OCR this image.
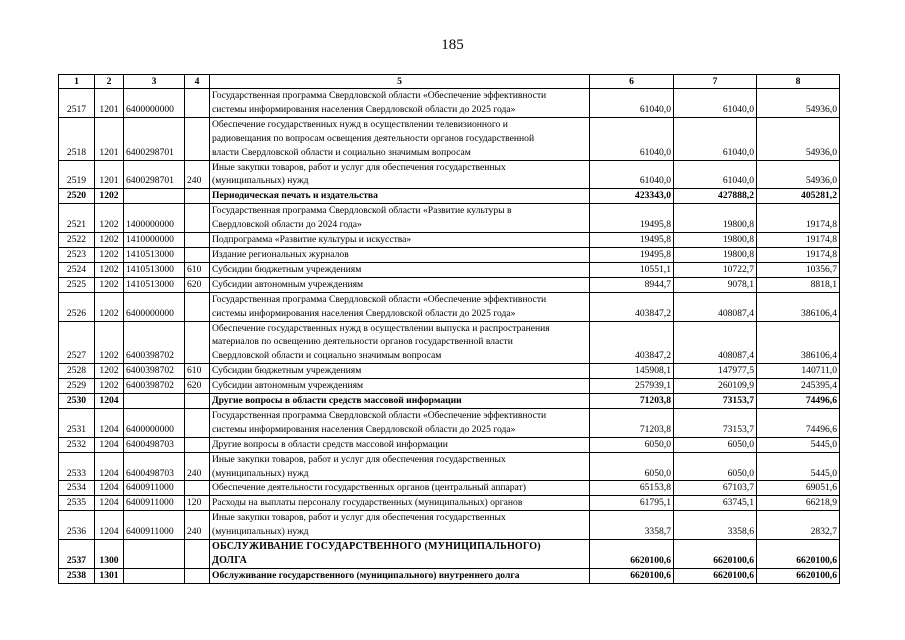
185
1	2	3	4	5	6	7	8
2517	1201	6400000000		Государственная программа Свердловской области «Обеспечение эффективности
системы информирования населения Свердловской области до 2025 года»	61040,0	61040,0	54936,0
2518	1201	6400298701		Обеспечение государственных нужд в осуществлении телевизионного и
радиовещания по вопросам освещения деятельности органов государственной
власти Свердловской области и социально значимым вопросам	61040,0	61040,0	54936,0
2519	1201	6400298701	240	Иные закупки товаров, работ и услуг для обеспечения государственных
(муниципальных) нужд	61040,0	61040,0	54936,0
2520	1202			Периодическая печать и издательства	423343,0	427888,2	405281,2
2521	1202	1400000000		Государственная программа Свердловской области «Развитие культуры в
Свердловской области до 2024 года»	19495,8	19800,8	19174,8
2522	1202	1410000000		Подпрограмма «Развитие культуры и искусства»	19495,8	19800,8	19174,8
2523	1202	1410513000		Издание региональных журналов	19495,8	19800,8	19174,8
2524	1202	1410513000	610	Субсидии бюджетным учреждениям	10551,1	10722,7	10356,7
2525	1202	1410513000	620	Субсидии автономным учреждениям	8944,7	9078,1	8818,1
2526	1202	6400000000		Государственная программа Свердловской области «Обеспечение эффективности
системы информирования населения Свердловской области до 2025 года»	403847,2	408087,4	386106,4
2527	1202	6400398702		Обеспечение государственных нужд в осуществлении выпуска и распространения
материалов по освещению деятельности органов государственной власти
Свердловской области и социально значимым вопросам	403847,2	408087,4	386106,4
2528	1202	6400398702	610	Субсидии бюджетным учреждениям	145908,1	147977,5	140711,0
2529	1202	6400398702	620	Субсидии автономным учреждениям	257939,1	260109,9	245395,4
2530	1204			Другие вопросы в области средств массовой информации	71203,8	73153,7	74496,6
2531	1204	6400000000		Государственная программа Свердловской области «Обеспечение эффективности
системы информирования населения Свердловской области до 2025 года»	71203,8	73153,7	74496,6
2532	1204	6400498703		Другие вопросы в области средств массовой информации	6050,0	6050,0	5445,0
2533	1204	6400498703	240	Иные закупки товаров, работ и услуг для обеспечения государственных
(муниципальных) нужд	6050,0	6050,0	5445,0
2534	1204	6400911000		Обеспечение деятельности государственных органов (центральный аппарат)	65153,8	67103,7	69051,6
2535	1204	6400911000	120	Расходы на выплаты персоналу государственных (муниципальных) органов	61795,1	63745,1	66218,9
2536	1204	6400911000	240	Иные закупки товаров, работ и услуг для обеспечения государственных
(муниципальных) нужд	3358,7	3358,6	2832,7
2537	1300			ОБСЛУЖИВАНИЕ ГОСУДАРСТВЕННОГО (МУНИЦИПАЛЬНОГО)
ДОЛГА	6620100,6	6620100,6	6620100,6
2538	1301			Обслуживание государственного (муниципального) внутреннего долга	6620100,6	6620100,6	6620100,6
